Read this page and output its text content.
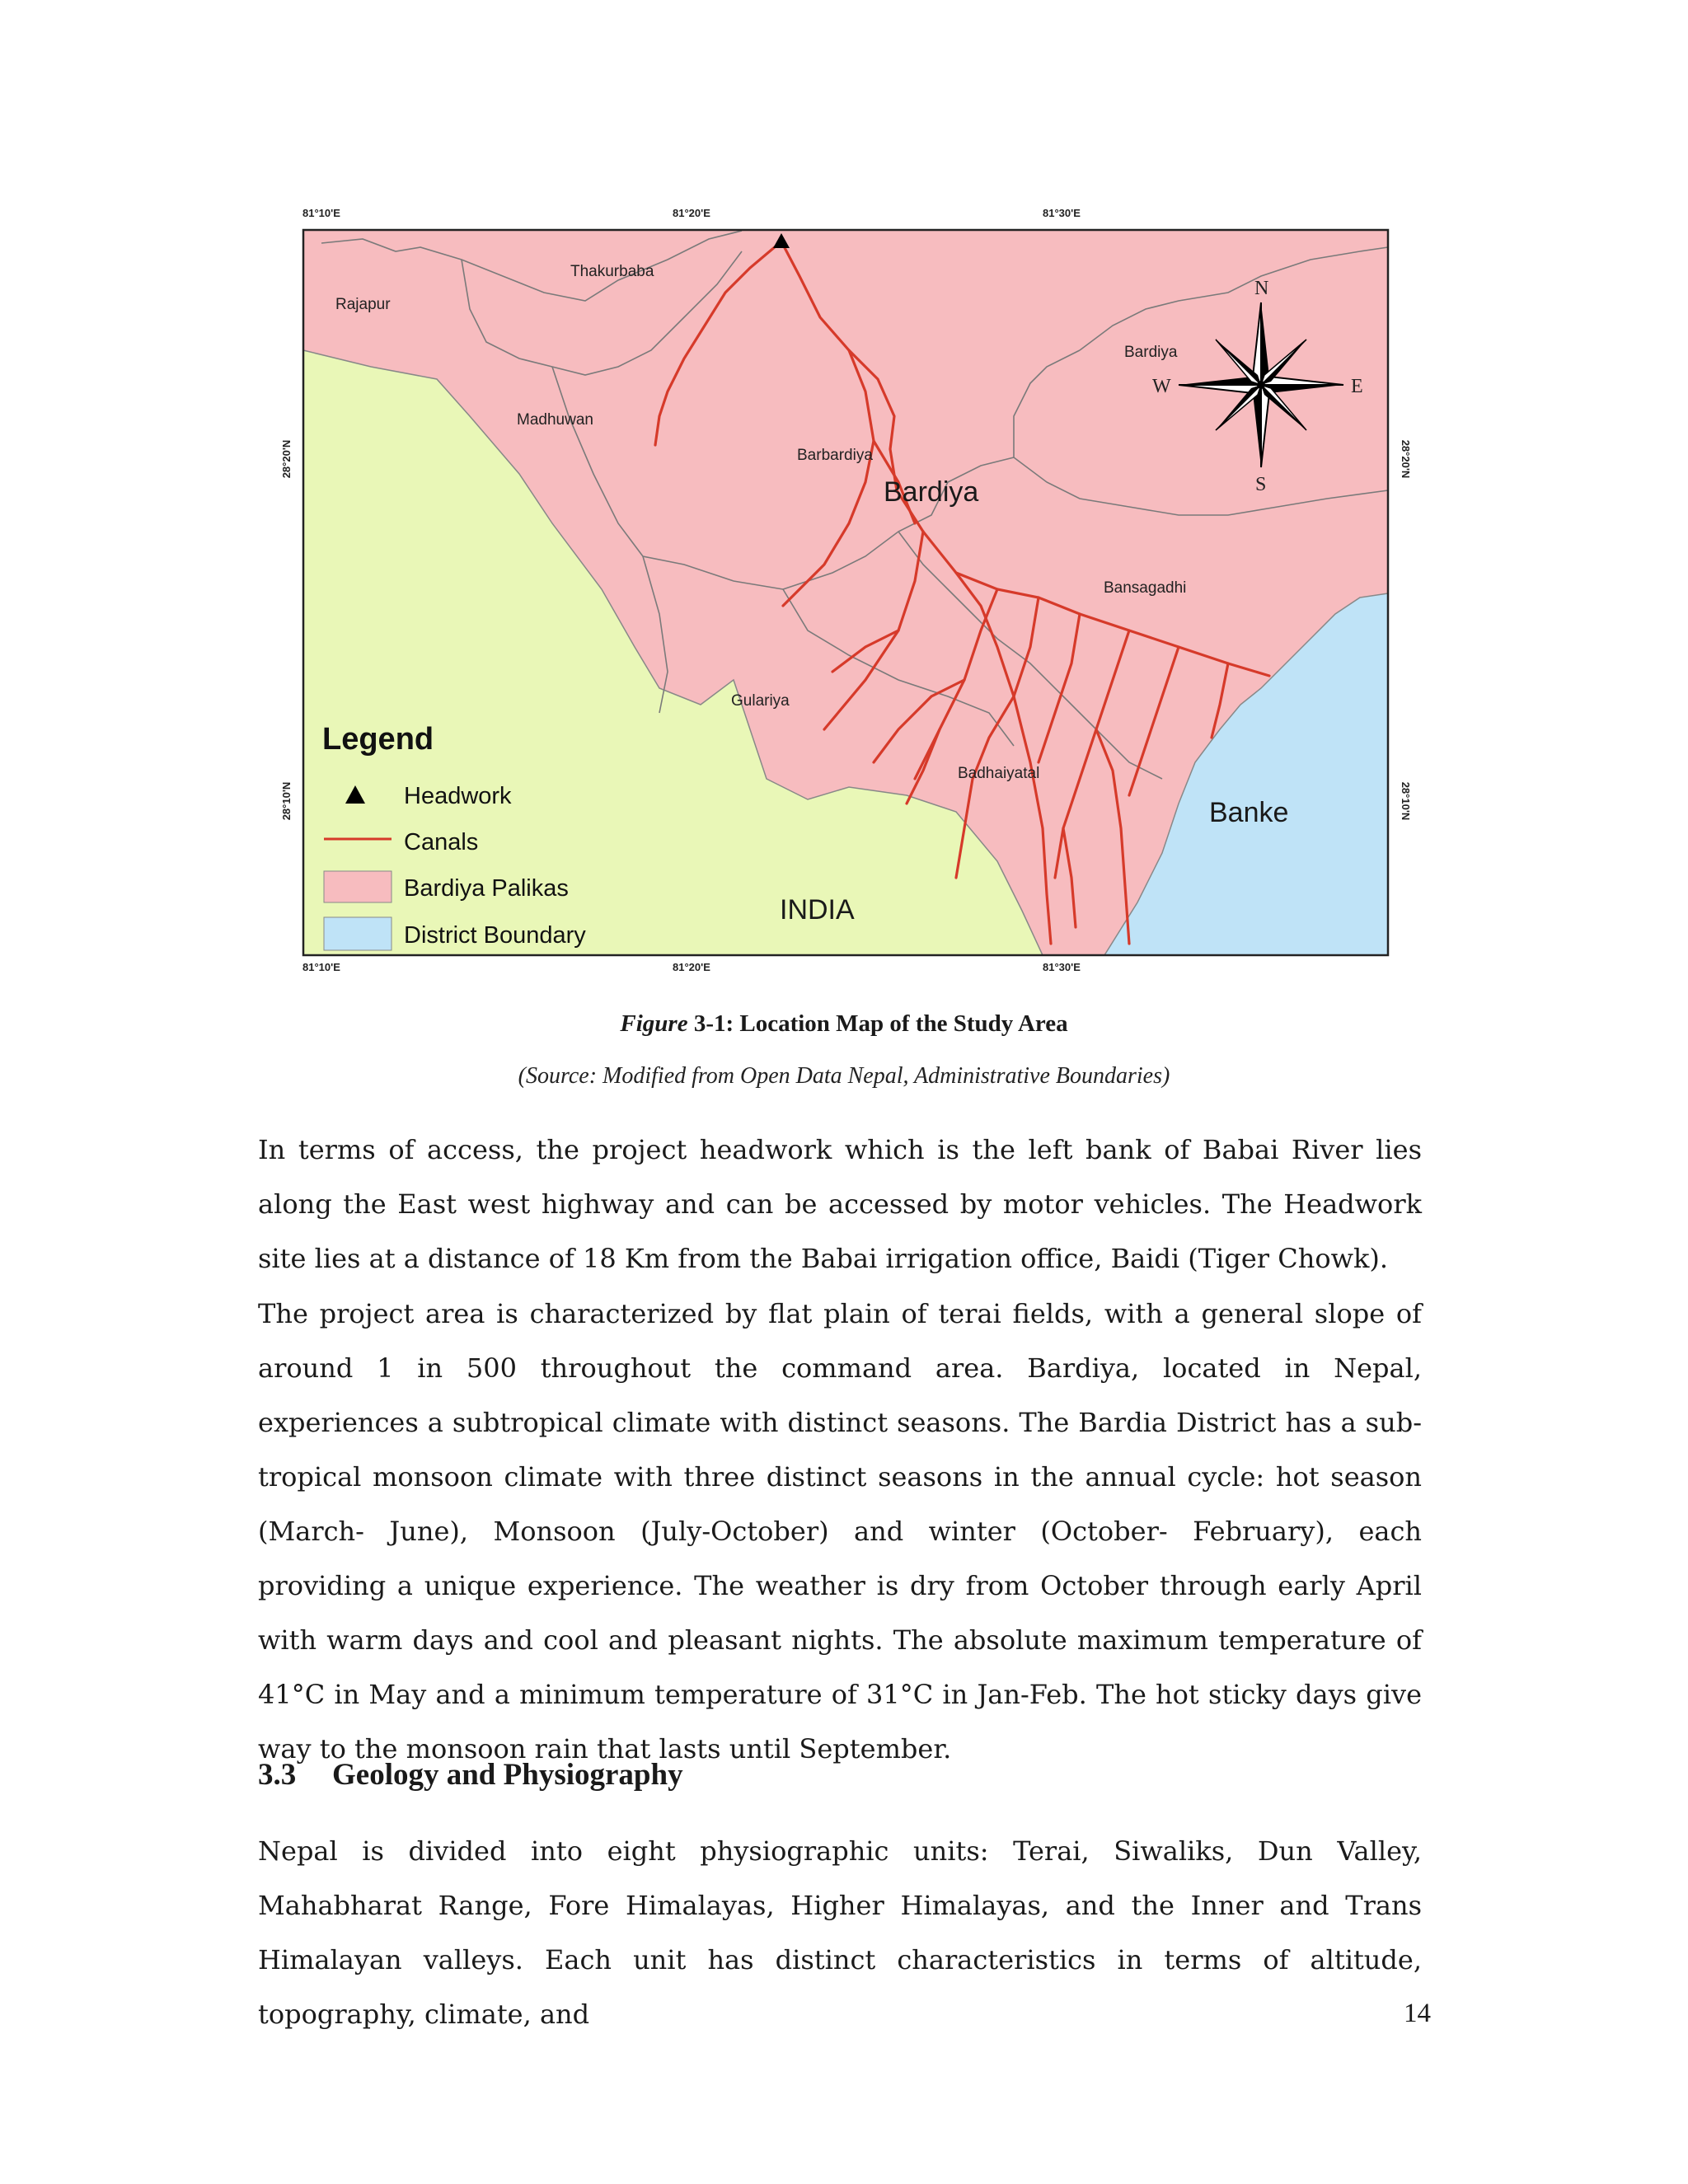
81°10'E	81°20'E	81°30'E
81°10'E	81°20'E	81°30'E
28°20'N
28°10'N
28°20'N
28°10'N
Thakurbaba
Rajapur
Madhuwan
Barbardiya
Bardiya
Bardiya
Bansagadhi
Gulariya
Badhaiyatal
Banke
INDIA
N
S
E
W
Legend
Headwork
Canals
Bardiya Palikas
District Boundary
Figure 3-1: Location Map of the Study Area
(Source: Modified from Open Data Nepal, Administrative Boundaries)

In terms of access, the project headwork which is the left bank of Babai River lies along the East west highway and can be accessed by motor vehicles. The Headwork site lies at a distance of 18 Km from the Babai irrigation office, Baidi (Tiger Chowk).

The project area is characterized by flat plain of terai fields, with a general slope of around 1 in 500 throughout the command area. Bardiya, located in Nepal, experiences a subtropical climate with distinct seasons. The Bardia District has a sub-tropical monsoon climate with three distinct seasons in the annual cycle: hot season (March- June), Monsoon (July-October) and winter (October- February), each providing a unique experience. The weather is dry from October through early April with warm days and cool and pleasant nights. The absolute maximum temperature of 41°C in May and a minimum temperature of 31°C in Jan-Feb. The hot sticky days give way to the monsoon rain that lasts until September.

3.3 Geology and Physiography

Nepal is divided into eight physiographic units: Terai, Siwaliks, Dun Valley, Mahabharat Range, Fore Himalayas, Higher Himalayas, and the Inner and Trans Himalayan valleys. Each unit has distinct characteristics in terms of altitude, topography, climate, and	14
